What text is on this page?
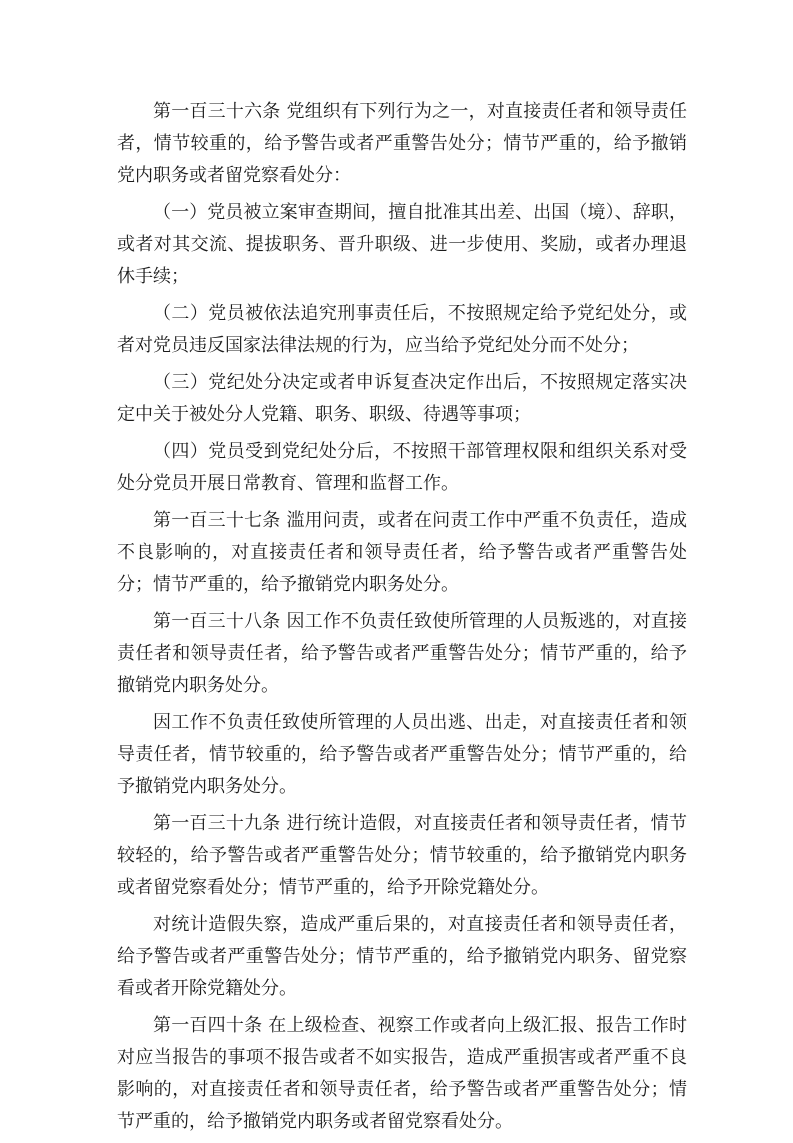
第一百三十六条 党组织有下列行为之一，对直接责任者和领导责任者，情节较重的，给予警告或者严重警告处分；情节严重的，给予撤销党内职务或者留党察看处分：

（一）党员被立案审查期间，擅自批准其出差、出国（境）、辞职，或者对其交流、提拔职务、晋升职级、进一步使用、奖励，或者办理退休手续；

（二）党员被依法追究刑事责任后，不按照规定给予党纪处分，或者对党员违反国家法律法规的行为，应当给予党纪处分而不处分；

（三）党纪处分决定或者申诉复查决定作出后，不按照规定落实决定中关于被处分人党籍、职务、职级、待遇等事项；

（四）党员受到党纪处分后，不按照干部管理权限和组织关系对受处分党员开展日常教育、管理和监督工作。

第一百三十七条 滥用问责，或者在问责工作中严重不负责任，造成不良影响的，对直接责任者和领导责任者，给予警告或者严重警告处分；情节严重的，给予撤销党内职务处分。

第一百三十八条 因工作不负责任致使所管理的人员叛逃的，对直接责任者和领导责任者，给予警告或者严重警告处分；情节严重的，给予撤销党内职务处分。

因工作不负责任致使所管理的人员出逃、出走，对直接责任者和领导责任者，情节较重的，给予警告或者严重警告处分；情节严重的，给予撤销党内职务处分。

第一百三十九条 进行统计造假，对直接责任者和领导责任者，情节较轻的，给予警告或者严重警告处分；情节较重的，给予撤销党内职务或者留党察看处分；情节严重的，给予开除党籍处分。

对统计造假失察，造成严重后果的，对直接责任者和领导责任者，给予警告或者严重警告处分；情节严重的，给予撤销党内职务、留党察看或者开除党籍处分。

第一百四十条 在上级检查、视察工作或者向上级汇报、报告工作时对应当报告的事项不报告或者不如实报告，造成严重损害或者严重不良影响的，对直接责任者和领导责任者，给予警告或者严重警告处分；情节严重的，给予撤销党内职务或者留党察看处分。
